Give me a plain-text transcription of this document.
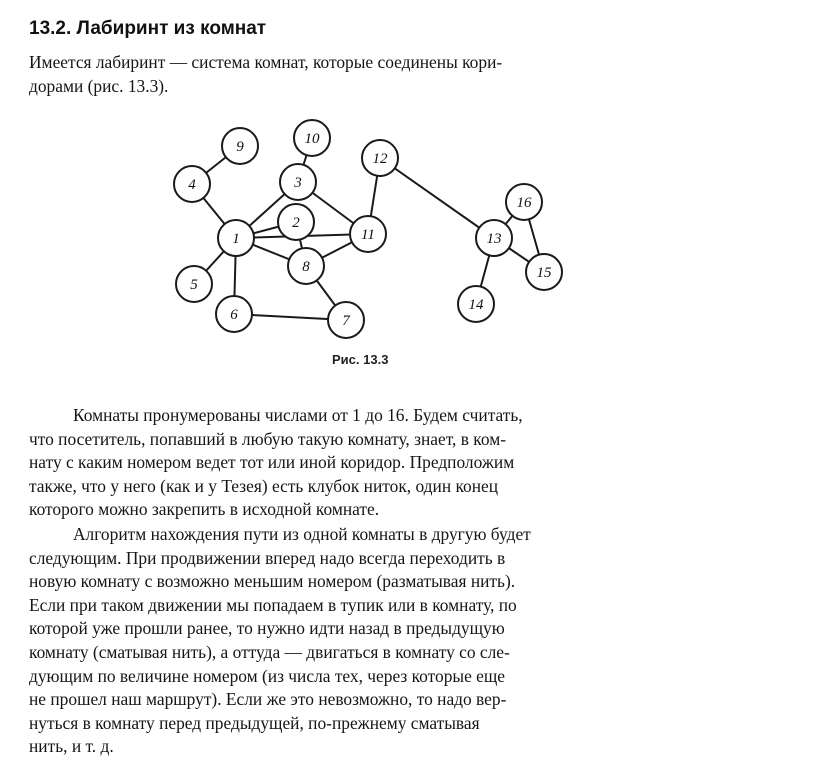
13.2. Лабиринт из комнат

Имеется лабиринт — система комнат, которые соединены кори-
дорами (рис. 13.3).

1
2
3
4
5
6	7
8
9	10
11
12
13
14
15
16

Рис. 13.3

Комнаты пронумерованы числами от 1 до 16. Будем считать,
что посетитель, попавший в любую такую комнату, знает, в ком-
нату с каким номером ведет тот или иной коридор. Предположим
также, что у него (как и у Тезея) есть клубок ниток, один конец
которого можно закрепить в исходной комнате.

Алгоритм нахождения пути из одной комнаты в другую будет
следующим. При продвижении вперед надо всегда переходить в
новую комнату с возможно меньшим номером (разматывая нить).
Если при таком движении мы попадаем в тупик или в комнату, по
которой уже прошли ранее, то нужно идти назад в предыдущую
комнату (сматывая нить), а оттуда — двигаться в комнату со сле-
дующим по величине номером (из числа тех, через которые еще
не прошел наш маршрут). Если же это невозможно, то надо вер-
нуться в комнату перед предыдущей, по-прежнему сматывая
нить, и т. д.
